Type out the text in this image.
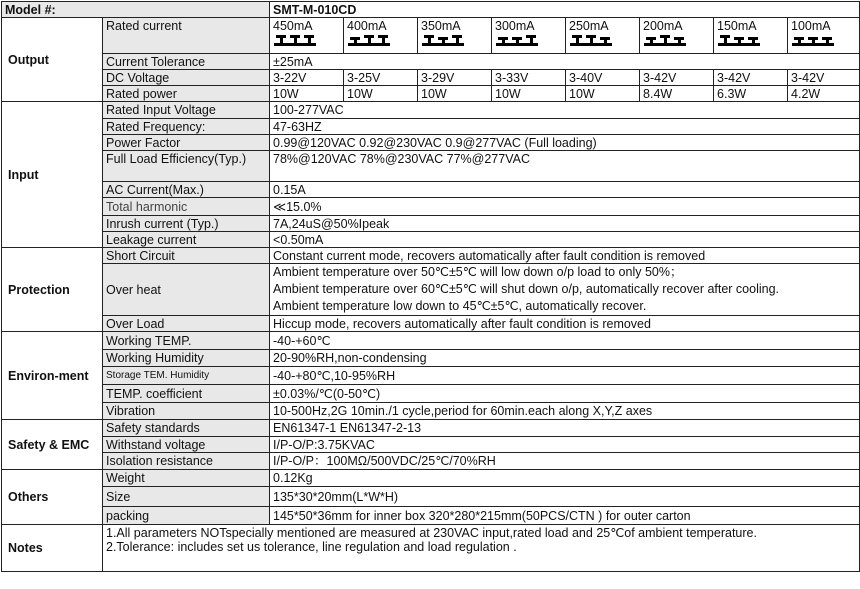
Model #:		SMT-M-010CD							
Output	Rated current	450mA	400mA	350mA	300mA	250mA	200mA	150mA	100mA

	Current Tolerance	±25mA							
	DC Voltage	3-22V	3-25V	3-29V	3-33V	3-40V	3-42V	3-42V	3-42V
	Rated power	10W	10W	10W	10W	10W	8.4W	6.3W	4.2W
Input	Rated Input Voltage	100-277VAC							
	Rated Frequency:	47-63HZ							
	Power Factor	0.99@120VAC 0.92@230VAC 0.9@277VAC (Full loading)							
	Full Load Efficiency(Typ.)	78%@120VAC 78%@230VAC 77%@277VAC							
	AC Current(Max.)	0.15A							
	Total harmonic	≪15.0%							
	Inrush current (Typ.)	7A,24uS@50%Ipeak							
	Leakage current	<0.50mA							
Protection	Short Circuit	Constant current mode, recovers automatically after fault condition is removed							
	Over heat	Ambient temperature over 50℃±5℃ will low down o/p load to only 50%；
Ambient temperature over 60℃±5℃ will shut down o/p, automatically recover after cooling.
Ambient temperature low down to 45℃±5℃, automatically recover.							

	Over Load	Hiccup mode, recovers automatically after fault condition is removed							
Environ-ment	Working TEMP.	-40-+60℃							
	Working Humidity	20-90%RH,non-condensing							
	Storage TEM. Humidity	-40-+80℃,10-95%RH							
	TEMP. coefficient	±0.03%/℃(0-50℃)							
	Vibration	10-500Hz,2G 10min./1 cycle,period for 60min.each along X,Y,Z axes							
Safety & EMC	Safety standards	EN61347-1 EN61347-2-13							
	Withstand voltage	I/P-O/P:3.75KVAC							
	Isolation resistance	I/P-O/P：100MΩ/500VDC/25℃/70%RH							
Others	Weight	0.12Kg							
	Size	135*30*20mm(L*W*H)							
	packing	145*50*36mm for inner box 320*280*215mm(50PCS/CTN ) for outer carton							
Notes	1.All parameters NOTspecially mentioned are measured at 230VAC input,rated load and 25℃of ambient temperature.
2.Tolerance: includes set us tolerance, line regulation and load regulation .								
